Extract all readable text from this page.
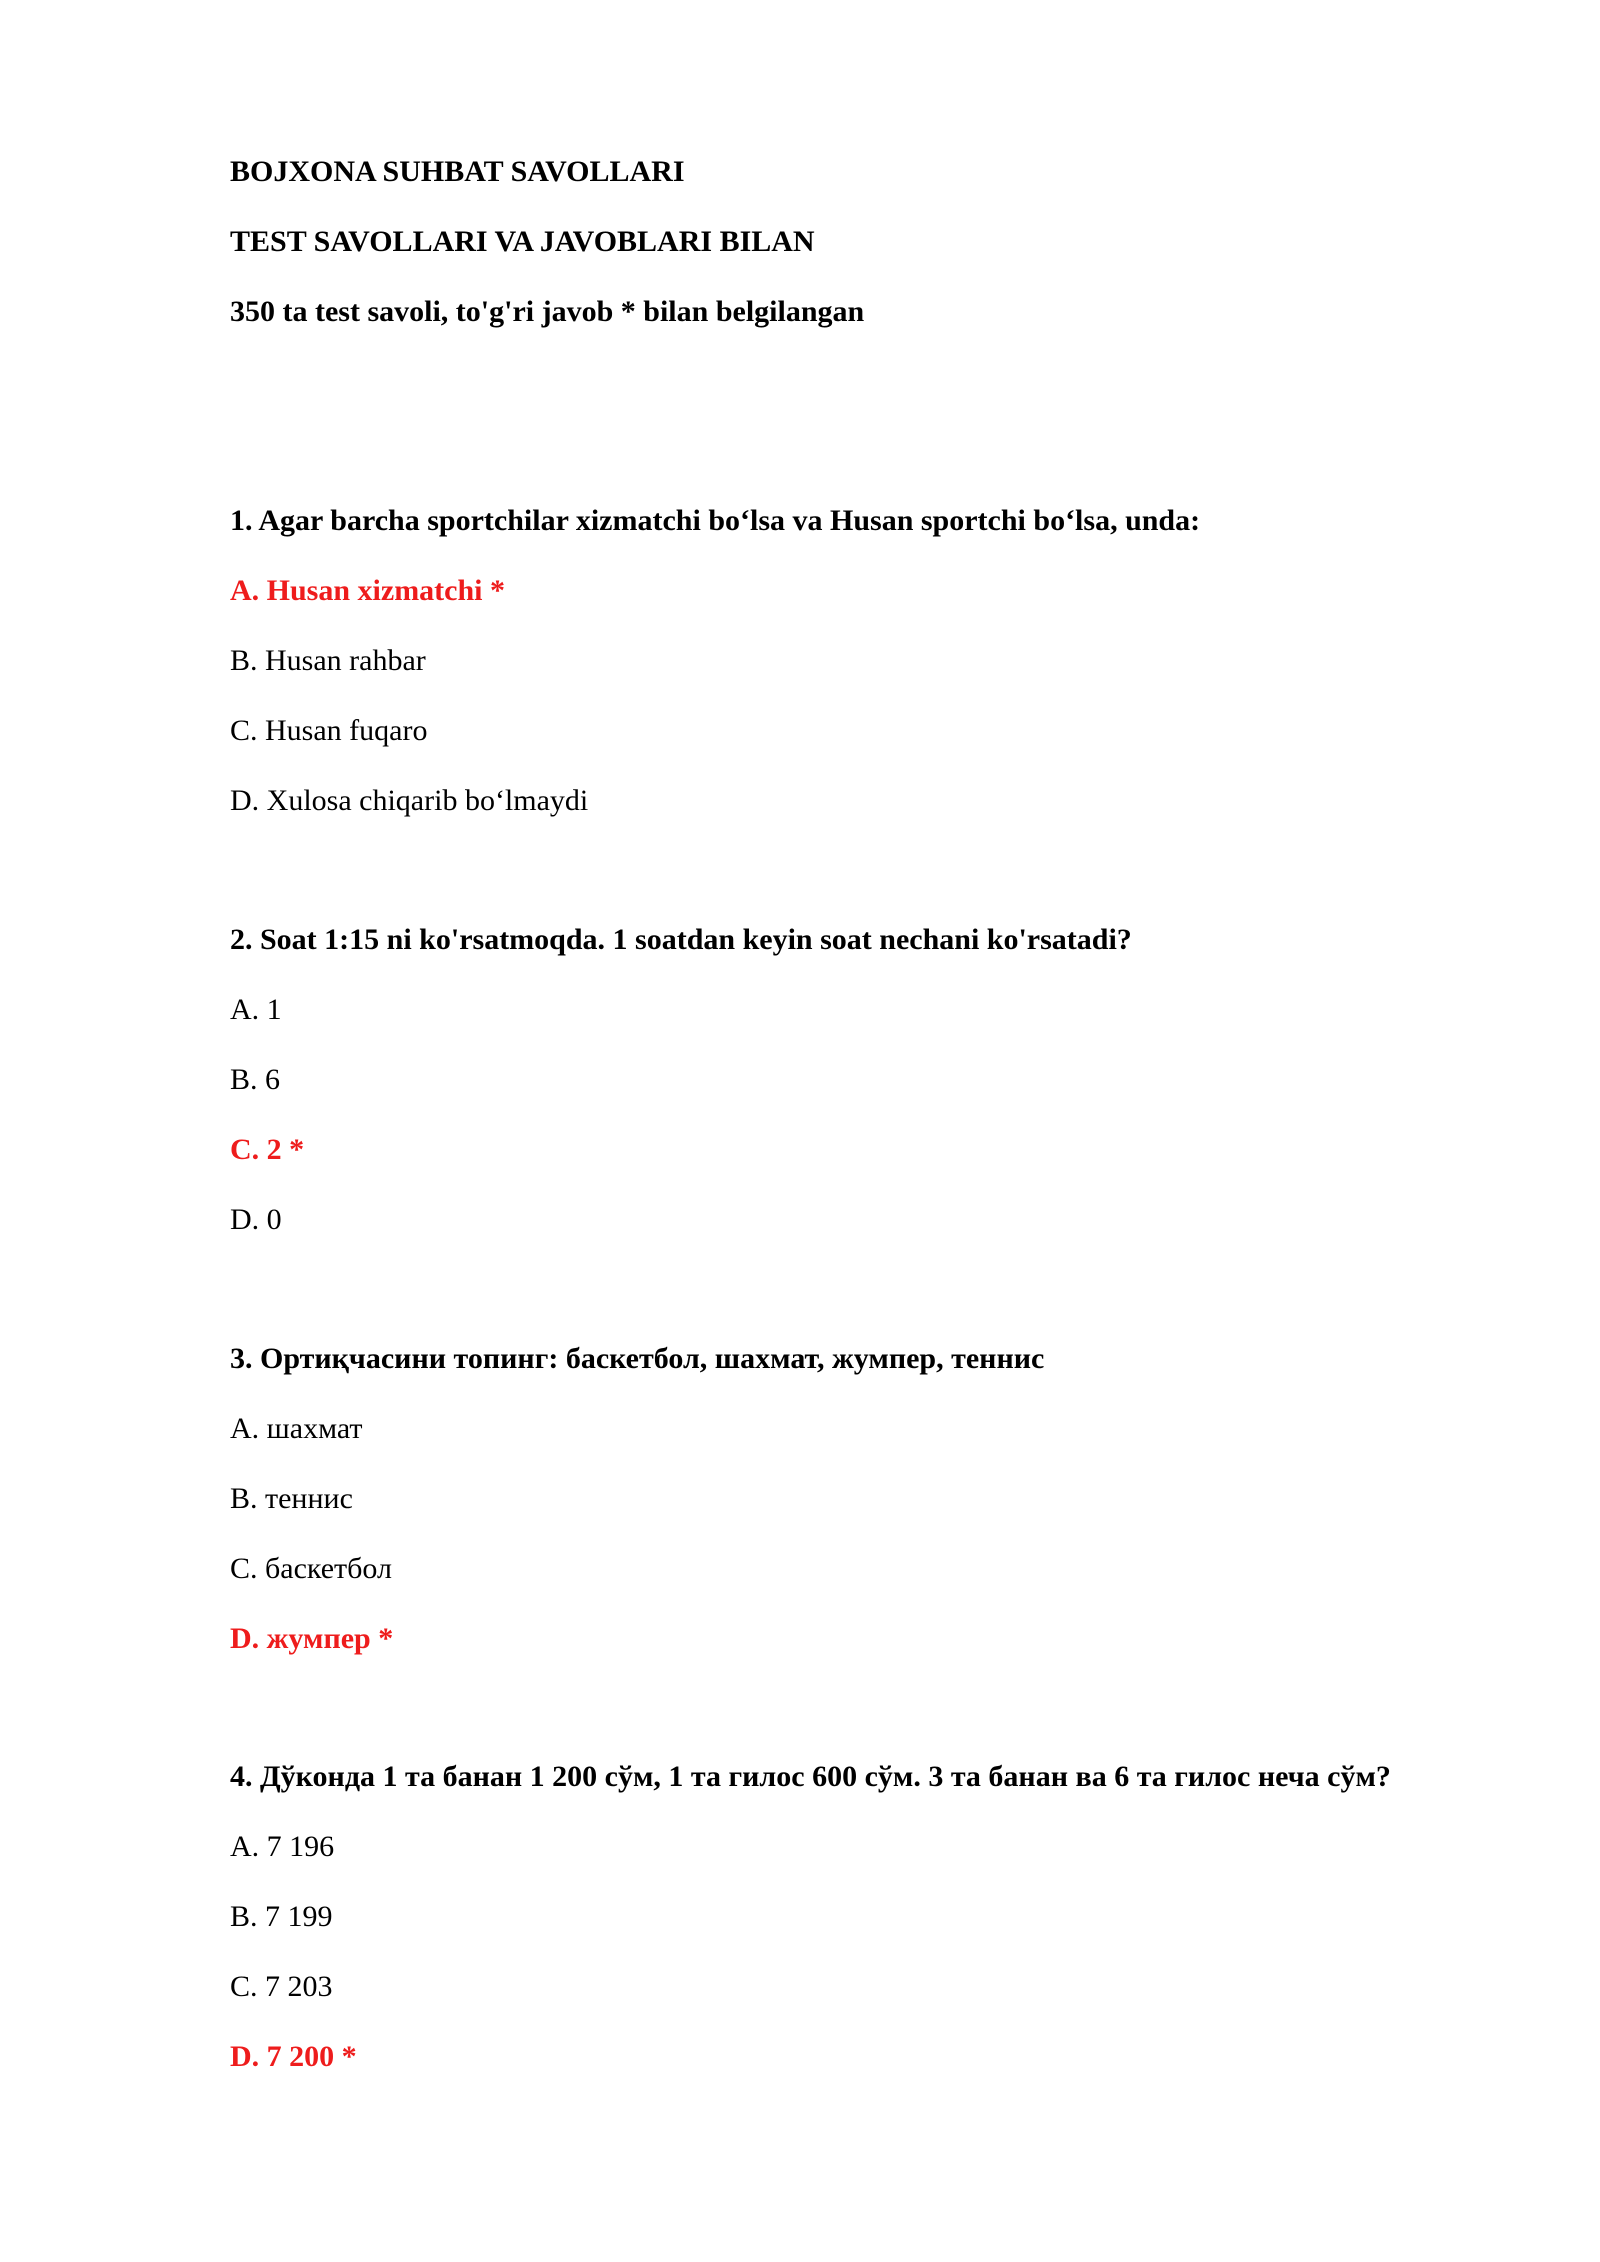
BOJXONA SUHBAT SAVOLLARI
TEST SAVOLLARI VA JAVOBLARI BILAN
350 ta test savoli, to'g'ri javob * bilan belgilangan
1. Agar barcha sportchilar xizmatchi bo‘lsa va Husan sportchi bo‘lsa, unda:
A. Husan xizmatchi *
B. Husan rahbar
C. Husan fuqaro
D. Xulosa chiqarib bo‘lmaydi
2. Soat 1:15 ni ko'rsatmoqda. 1 soatdan keyin soat nechani ko'rsatadi?
A. 1
B. 6
C. 2 *
D. 0
3. Ортиқчасини топинг: баскетбол, шахмат, жумпер, теннис
A. шахмат
B. теннис
C. баскетбол
D. жумпер *
4. Дўконда 1 та банан 1 200 сўм, 1 та гилос 600 сўм. 3 та банан ва 6 та гилос неча сўм?
A. 7 196
B. 7 199
C. 7 203
D. 7 200 *
